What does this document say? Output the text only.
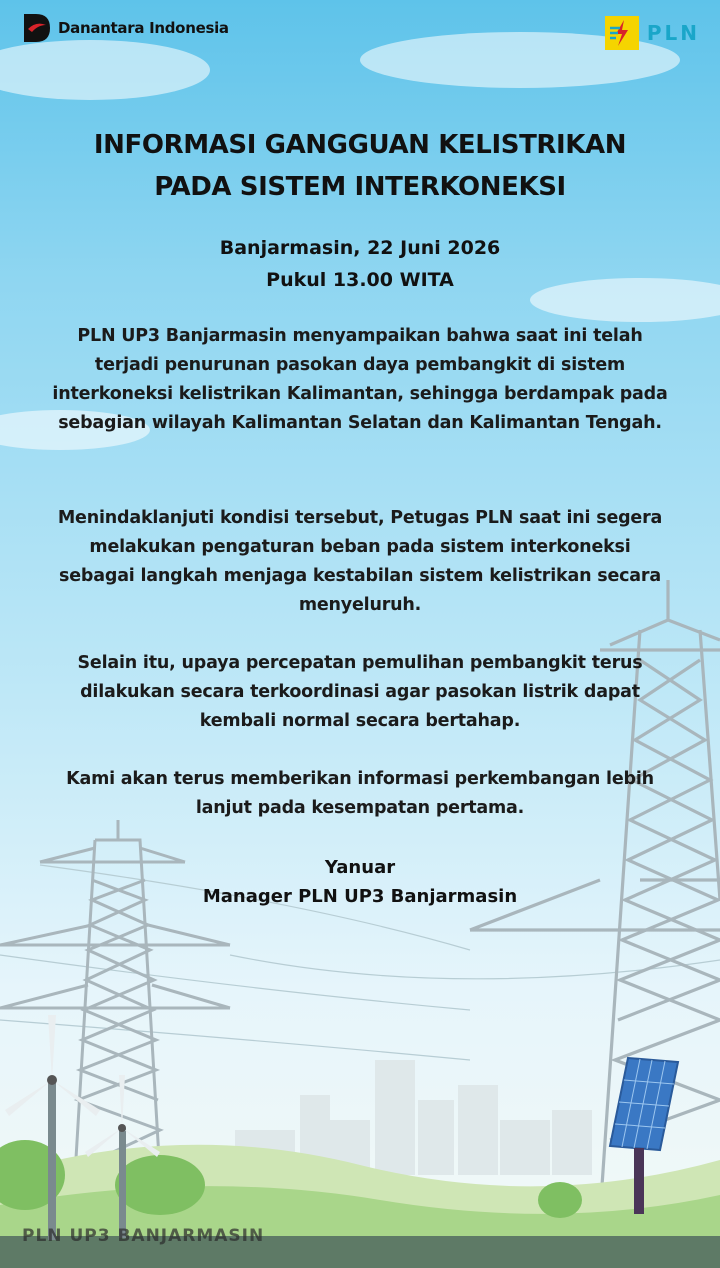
Danantara Indonesia	PLN
INFORMASI GANGGUAN KELISTRIKAN
PADA SISTEM INTERKONEKSI
Banjarmasin, 22 Juni 2026
Pukul 13.00 WITA
PLN UP3 Banjarmasin menyampaikan bahwa saat ini telah terjadi penurunan pasokan daya pembangkit di sistem interkoneksi kelistrikan Kalimantan, sehingga berdampak pada sebagian wilayah Kalimantan Selatan dan Kalimantan Tengah.
Menindaklanjuti kondisi tersebut, Petugas PLN saat ini segera melakukan pengaturan beban pada sistem interkoneksi sebagai langkah menjaga kestabilan sistem kelistrikan secara menyeluruh.
Selain itu, upaya percepatan pemulihan pembangkit terus dilakukan secara terkoordinasi agar pasokan listrik dapat kembali normal secara bertahap.
Kami akan terus memberikan informasi perkembangan lebih lanjut pada kesempatan pertama.
Yanuar
Manager PLN UP3 Banjarmasin
PLN UP3 BANJARMASIN
